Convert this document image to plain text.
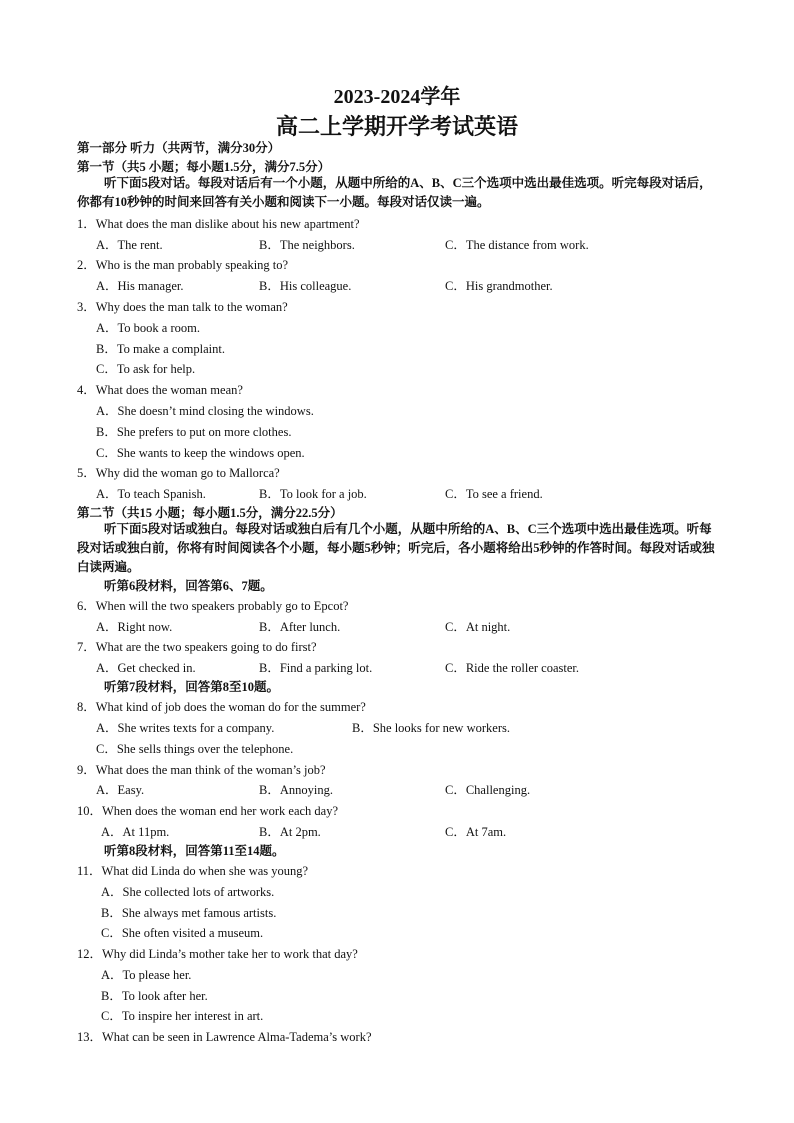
2023-2024学年
高二上学期开学考试英语
第一部分 听力（共两节，满分30分）
第一节（共5 小题；每小题1.5分，满分7.5分）
听下面5段对话。每段对话后有一个小题，从题中所给的A、B、C三个选项中选出最佳选项。听完每段对话后，你都有10秒钟的时间来回答有关小题和阅读下一小题。每段对话仅读一遍。
1．What does the man dislike about his new apartment?
A．The rent.	B．The neighbors.	C．The distance from work.
2．Who is the man probably speaking to?
A．His manager.	B．His colleague.	C．His grandmother.
3．Why does the man talk to the woman?
A．To book a room.
B．To make a complaint.
C．To ask for help.
4．What does the woman mean?
A．She doesn’t mind closing the windows.
B．She prefers to put on more clothes.
C．She wants to keep the windows open.
5．Why did the woman go to Mallorca?
A．To teach Spanish.	B．To look for a job.	C．To see a friend.
第二节（共15 小题；每小题1.5分，满分22.5分）
听下面5段对话或独白。每段对话或独白后有几个小题，从题中所给的A、B、C三个选项中选出最佳选项。听每段对话或独白前，你将有时间阅读各个小题，每小题5秒钟；听完后，各小题将给出5秒钟的作答时间。每段对话或独白读两遍。
听第6段材料，回答第6、7题。
6．When will the two speakers probably go to Epcot?
A．Right now.	B．After lunch.	C．At night.
7．What are the two speakers going to do first?
A．Get checked in.	B．Find a parking lot.	C．Ride the roller coaster.
听第7段材料，回答第8至10题。
8．What kind of job does the woman do for the summer?
A．She writes texts for a company.	B．She looks for new workers.
C．She sells things over the telephone.
9．What does the man think of the woman’s job?
A．Easy.	B．Annoying.	C．Challenging.
10．When does the woman end her work each day?
A．At 11pm.	B．At 2pm.	C．At 7am.
听第8段材料，回答第11至14题。
11．What did Linda do when she was young?
A．She collected lots of artworks.
B．She always met famous artists.
C．She often visited a museum.
12．Why did Linda’s mother take her to work that day?
A．To please her.
B．To look after her.
C．To inspire her interest in art.
13．What can be seen in Lawrence Alma-Tadema’s work?
